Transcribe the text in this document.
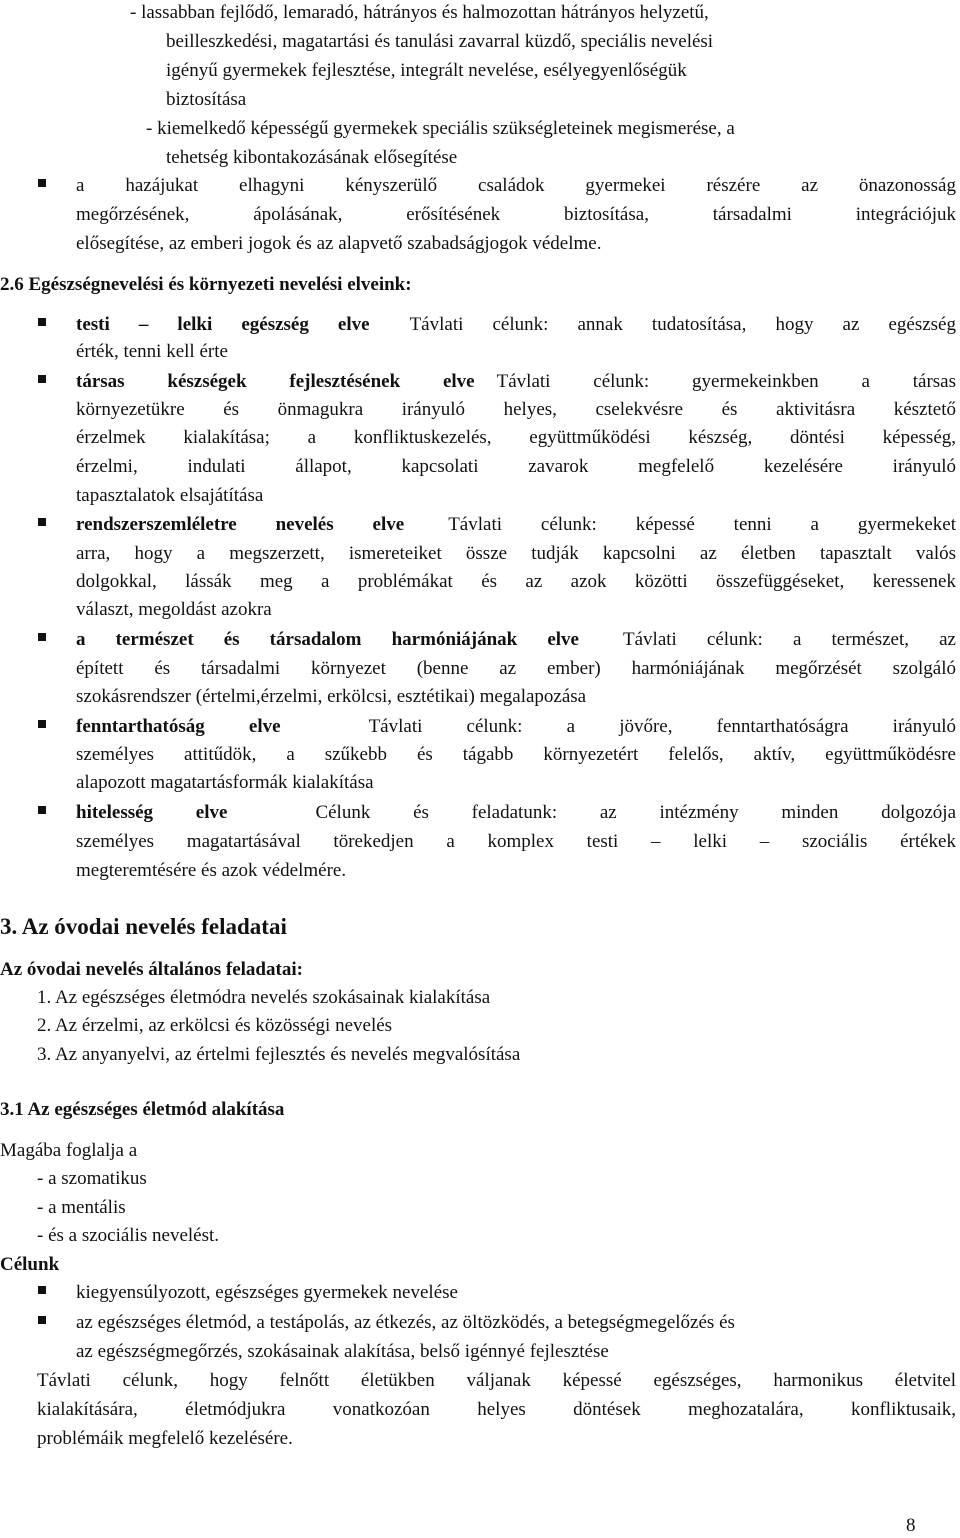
- lassabban fejlődő, lemaradó, hátrányos és halmozottan hátrányos helyzetű,
beilleszkedési, magatartási és tanulási zavarral küzdő, speciális nevelési
igényű gyermekek fejlesztése, integrált nevelése, esélyegyenlőségük
biztosítása
- kiemelkedő képességű gyermekek speciális szükségleteinek megismerése, a
tehetség kibontakozásának elősegítése
a hazájukat elhagyni kényszerülő családok gyermekei részére az önazonosság
megőrzésének, ápolásának, erősítésének biztosítása, társadalmi integrációjuk
elősegítése, az emberi jogok és az alapvető szabadságjogok védelme.
2.6 Egészségnevelési és környezeti nevelési elveink:
testi – lelki egészség elve Távlati célunk: annak tudatosítása, hogy az egészség
érték, tenni kell érte
társas készségek fejlesztésének elve Távlati célunk: gyermekeinkben a társas
környezetükre és önmagukra irányuló helyes, cselekvésre és aktivitásra késztető
érzelmek kialakítása; a konfliktuskezelés, együttműködési készség, döntési képesség,
érzelmi, indulati állapot, kapcsolati zavarok megfelelő kezelésére irányuló
tapasztalatok elsajátítása
rendszerszemléletre nevelés elve Távlati célunk: képessé tenni a gyermekeket
arra, hogy a megszerzett, ismereteiket össze tudják kapcsolni az életben tapasztalt valós
dolgokkal, lássák meg a problémákat és az azok közötti összefüggéseket, keressenek
választ, megoldást azokra
a természet és társadalom harmóniájának elve Távlati célunk: a természet, az
épített és társadalmi környezet (benne az ember) harmóniájának megőrzését szolgáló
szokásrendszer (értelmi,érzelmi, erkölcsi, esztétikai) megalapozása
fenntarthatóság elve	Távlati célunk: a jövőre, fenntarthatóságra irányuló
személyes attitűdök, a szűkebb és tágabb környezetért felelős, aktív, együttműködésre
alapozott magatartásformák kialakítása
hitelesség elve	Célunk és feladatunk: az intézmény minden dolgozója
személyes magatartásával törekedjen a komplex testi – lelki – szociális értékek
megteremtésére és azok védelmére.
3. Az óvodai nevelés feladatai
Az óvodai nevelés általános feladatai:
1. Az egészséges életmódra nevelés szokásainak kialakítása
2. Az érzelmi, az erkölcsi és közösségi nevelés
3. Az anyanyelvi, az értelmi fejlesztés és nevelés megvalósítása
3.1 Az egészséges életmód alakítása
Magába foglalja a
- a szomatikus
- a mentális
- és a szociális nevelést.
Célunk
kiegyensúlyozott, egészséges gyermekek nevelése
az egészséges életmód, a testápolás, az étkezés, az öltözködés, a betegségmegelőzés és
az egészségmegőrzés, szokásainak alakítása, belső igénnyé fejlesztése
Távlati célunk, hogy felnőtt életükben váljanak képessé egészséges, harmonikus életvitel
kialakítására, életmódjukra vonatkozóan helyes döntések meghozatalára, konfliktusaik,
problémáik megfelelő kezelésére.
8
